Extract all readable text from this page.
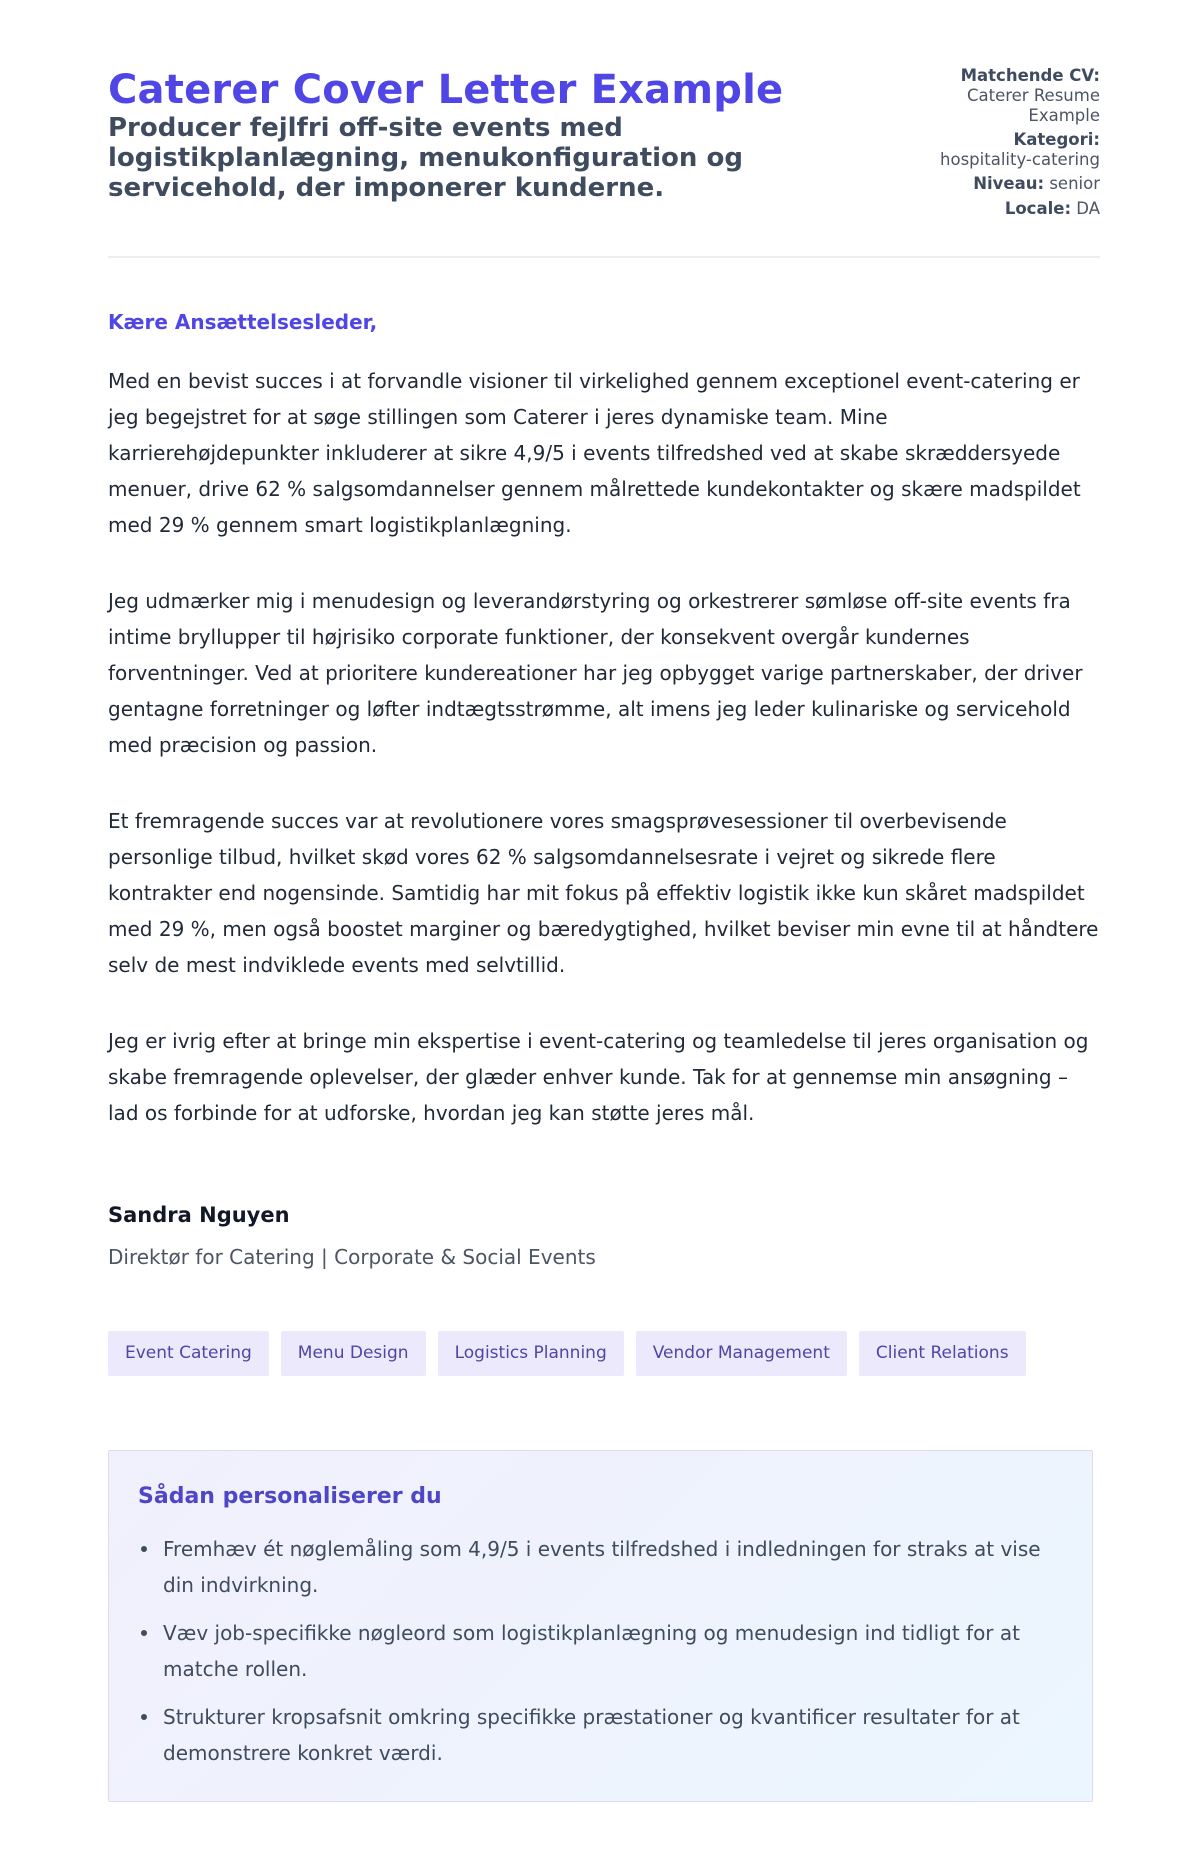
Caterer Cover Letter Example
Producer fejlfri off-site events med logistikplanlægning, menukonfiguration og servicehold, der imponerer kunderne.
Matchende CV:
Caterer Resume Example
Kategori:
hospitality-catering
Niveau: senior
Locale: DA
Kære Ansættelsesleder,

Med en bevist succes i at forvandle visioner til virkelighed gennem exceptionel event-catering er jeg begejstret for at søge stillingen som Caterer i jeres dynamiske team. Mine karrierehøjdepunkter inkluderer at sikre 4,9/5 i events tilfredshed ved at skabe skræddersyede menuer, drive 62 % salgsomdannelser gennem målrettede kundekontakter og skære madspildet med 29 % gennem smart logistikplanlægning.

Jeg udmærker mig i menudesign og leverandørstyring og orkestrerer sømløse off-site events fra intime bryllupper til højrisiko corporate funktioner, der konsekvent overgår kundernes forventninger. Ved at prioritere kundereationer har jeg opbygget varige partnerskaber, der driver gentagne forretninger og løfter indtægtsstrømme, alt imens jeg leder kulinariske og servicehold med præcision og passion.

Et fremragende succes var at revolutionere vores smagsprøvesessioner til overbevisende personlige tilbud, hvilket skød vores 62 % salgsomdannelsesrate i vejret og sikrede flere kontrakter end nogensinde. Samtidig har mit fokus på effektiv logistik ikke kun skåret madspildet med 29 %, men også boostet marginer og bæredygtighed, hvilket beviser min evne til at håndtere selv de mest indviklede events med selvtillid.

Jeg er ivrig efter at bringe min ekspertise i event-catering og teamledelse til jeres organisation og skabe fremragende oplevelser, der glæder enhver kunde. Tak for at gennemse min ansøgning – lad os forbinde for at udforske, hvordan jeg kan støtte jeres mål.

Sandra Nguyen
Direktør for Catering | Corporate & Social Events
Event Catering	Menu Design	Logistics Planning	Vendor Management	Client Relations
Sådan personaliserer du
Fremhæv ét nøglemåling som 4,9/5 i events tilfredshed i indledningen for straks at vise din indvirkning.
Væv job-specifikke nøgleord som logistikplanlægning og menudesign ind tidligt for at matche rollen.
Strukturer kropsafsnit omkring specifikke præstationer og kvantificer resultater for at demonstrere konkret værdi.
